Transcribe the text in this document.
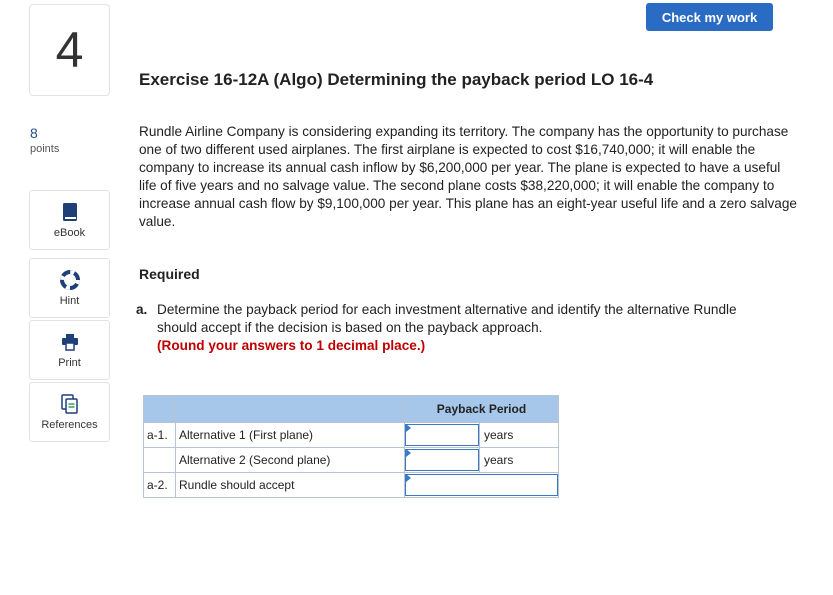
4
8
points
eBook
Hint
Print
References
Check my work
Exercise 16-12A (Algo) Determining the payback period LO 16-4

Rundle Airline Company is considering expanding its territory. The company has the opportunity to purchase one of two different used airplanes. The first airplane is expected to cost $16,740,000; it will enable the company to increase its annual cash inflow by $6,200,000 per year. The plane is expected to have a useful life of five years and no salvage value. The second plane costs $38,220,000; it will enable the company to increase annual cash flow by $9,100,000 per year. This plane has an eight-year useful life and a zero salvage value.

Required
a. Determine the payback period for each investment alternative and identify the alternative Rundle should accept if the decision is based on the payback approach.
(Round your answers to 1 decimal place.)
		Payback Period	
a-1.	Alternative 1 (First plane)		years
	Alternative 2 (Second plane)		years
a-2.	Rundle should accept	
